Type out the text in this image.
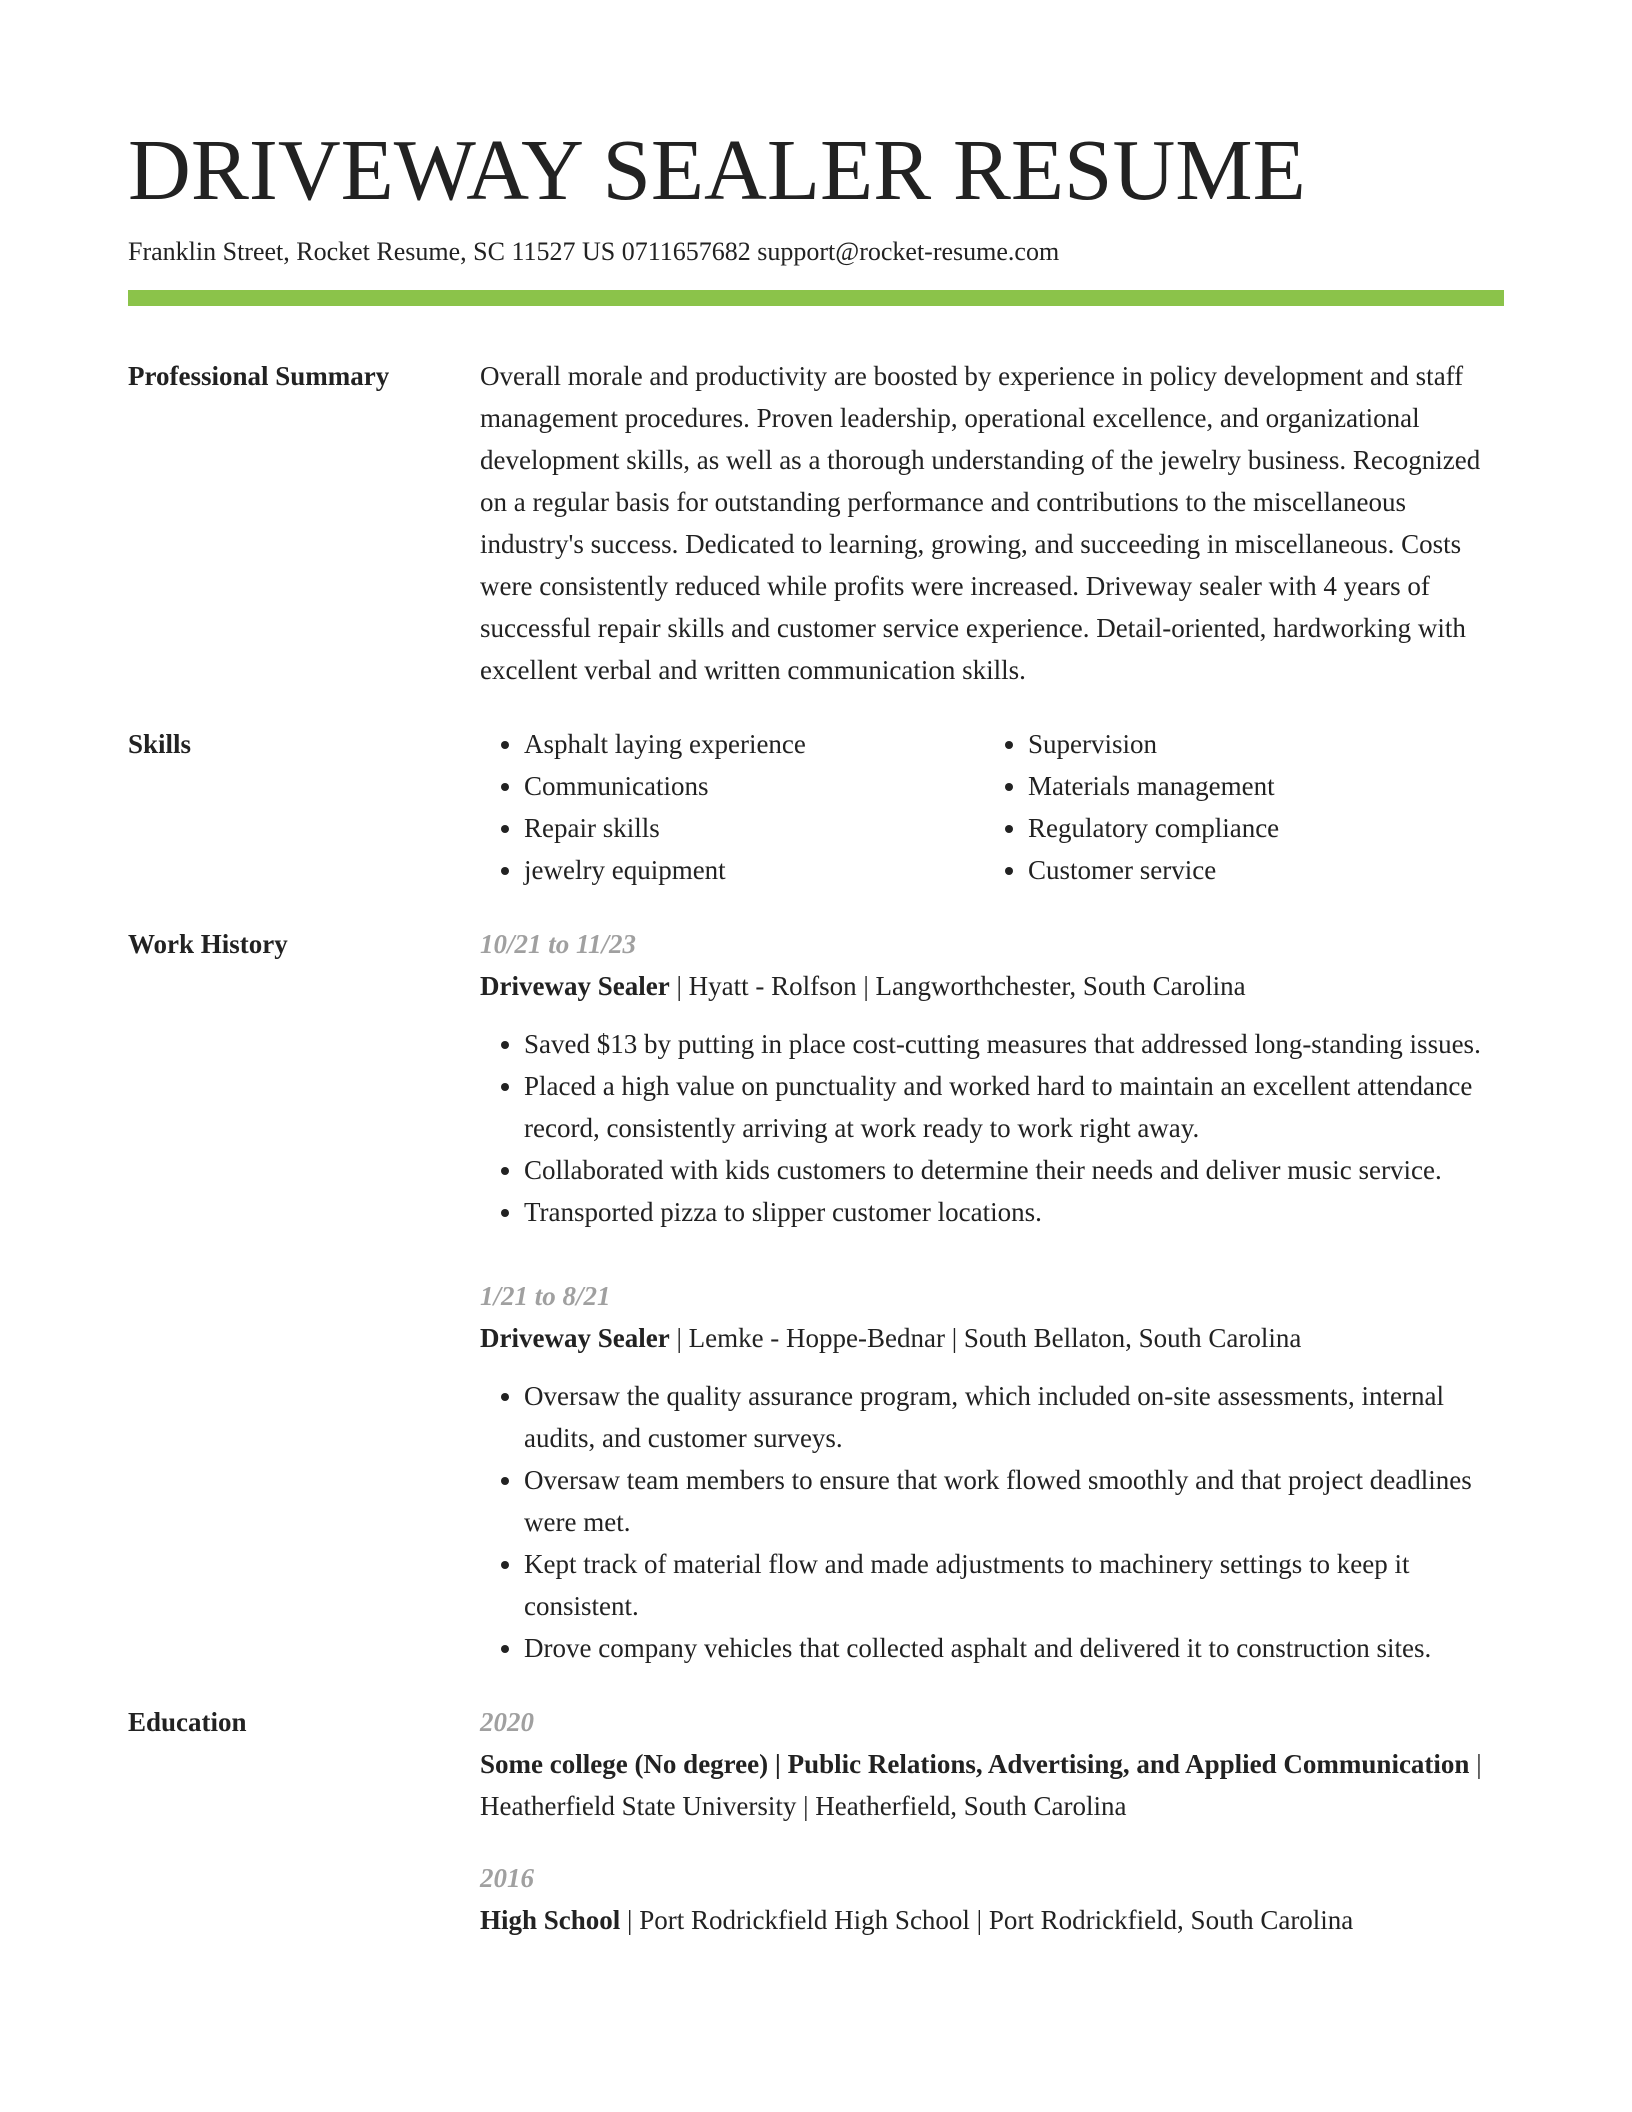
DRIVEWAY SEALER RESUME
Franklin Street, Rocket Resume, SC 11527 US 0711657682 support@rocket-resume.com
Professional Summary	Overall morale and productivity are boosted by experience in policy development and staff management procedures. Proven leadership, operational excellence, and organizational development skills, as well as a thorough understanding of the jewelry business. Recognized on a regular basis for outstanding performance and contributions to the miscellaneous industry's success. Dedicated to learning, growing, and succeeding in miscellaneous. Costs were consistently reduced while profits were increased. Driveway sealer with 4 years of successful repair skills and customer service experience. Detail-oriented, hardworking with excellent verbal and written communication skills.
Skills
•	Asphalt laying experience
• Communications
• Repair skills
• jewelry equipment
• Supervision
• Materials management
• Regulatory compliance
• Customer service
Work History	10/21 to 11/23
Driveway Sealer | Hyatt - Rolfson | Langworthchester, South Carolina
• Saved $13 by putting in place cost-cutting measures that addressed long-standing issues.
• Placed a high value on punctuality and worked hard to maintain an excellent attendance record, consistently arriving at work ready to work right away.
• Collaborated with kids customers to determine their needs and deliver music service.
• Transported pizza to slipper customer locations.
1/21 to 8/21
Driveway Sealer | Lemke - Hoppe-Bednar | South Bellaton, South Carolina
• Oversaw the quality assurance program, which included on-site assessments, internal audits, and customer surveys.
• Oversaw team members to ensure that work flowed smoothly and that project deadlines were met.
• Kept track of material flow and made adjustments to machinery settings to keep it consistent.
• Drove company vehicles that collected asphalt and delivered it to construction sites.
Education	2020
Some college (No degree) | Public Relations, Advertising, and Applied Communication | Heatherfield State University | Heatherfield, South Carolina
2016
High School | Port Rodrickfield High School | Port Rodrickfield, South Carolina
